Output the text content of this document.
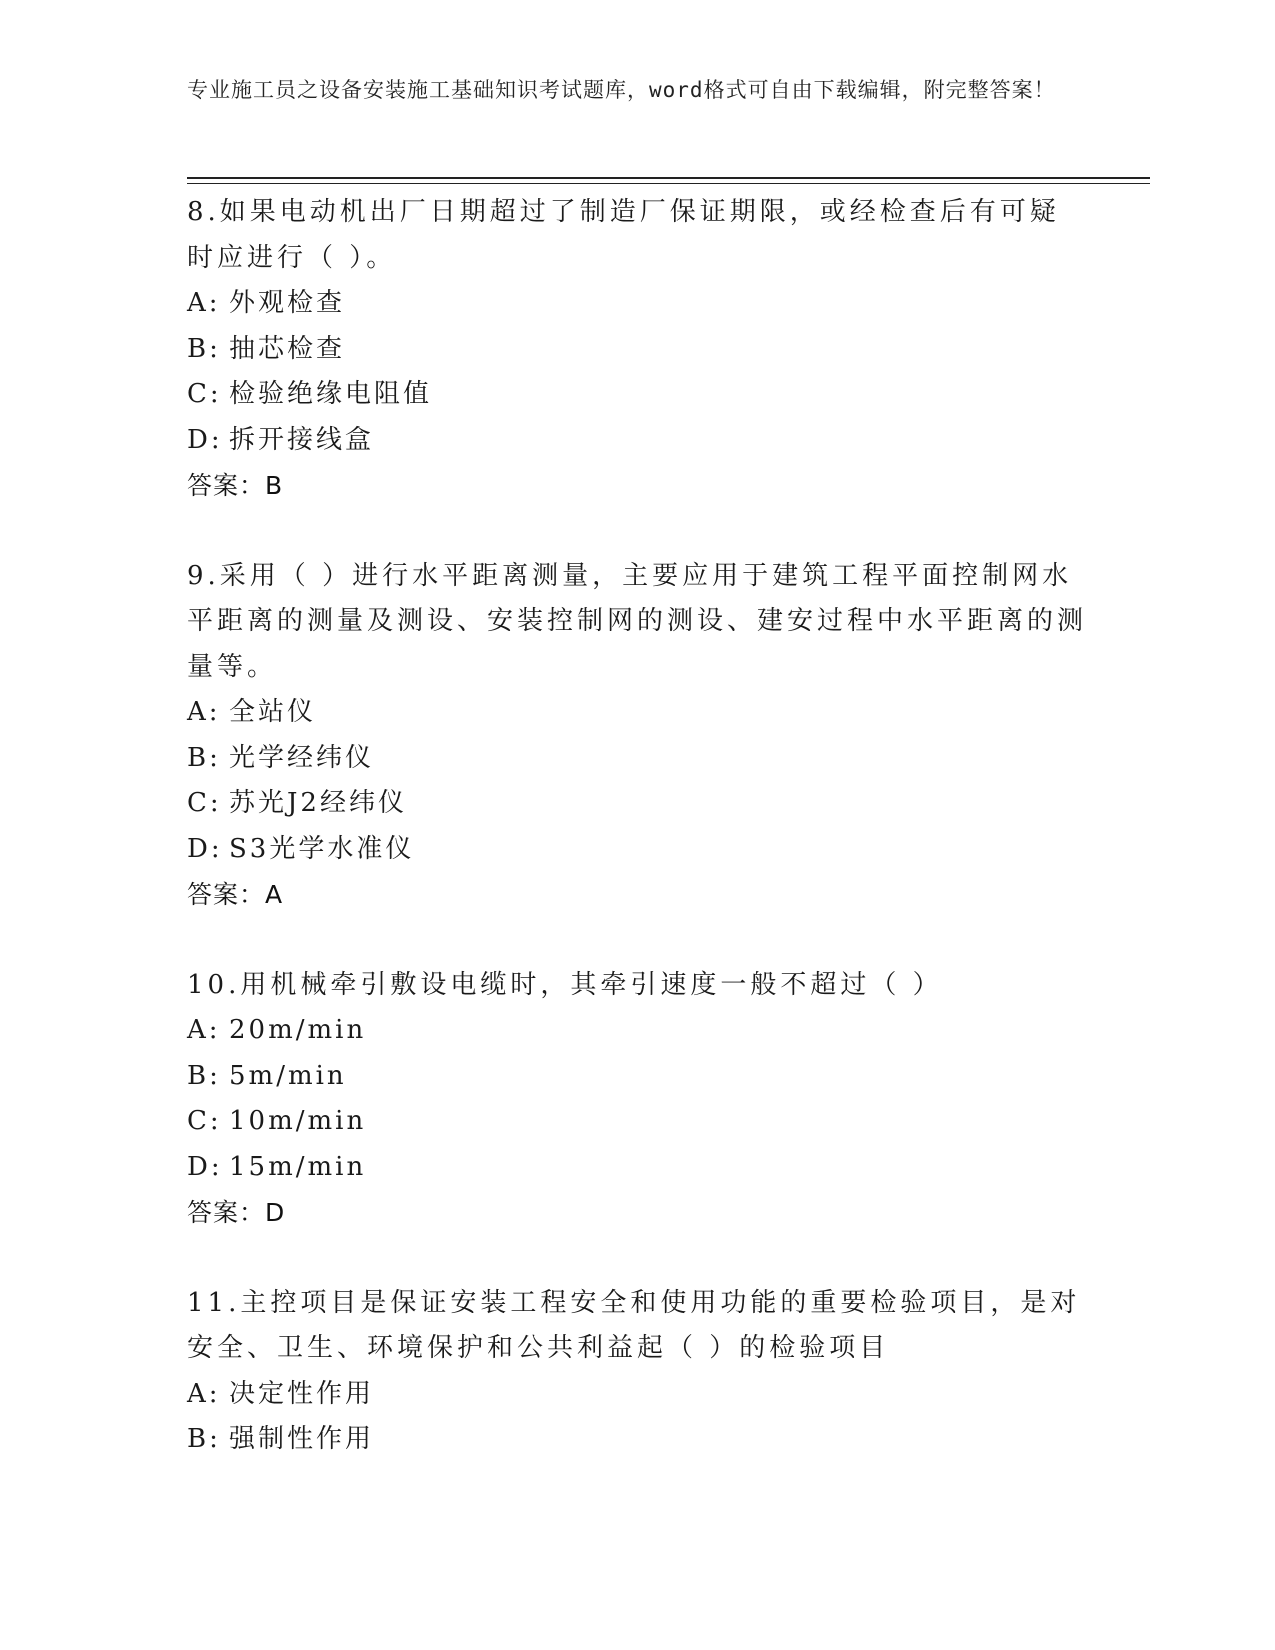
专业施工员之设备安装施工基础知识考试题库，word格式可自由下载编辑，附完整答案！
8.如果电动机出厂日期超过了制造厂保证期限，或经检查后有可疑时应进行（ ）。
A: 外观检查
B: 抽芯检查
C: 检验绝缘电阻值
D: 拆开接线盒
答案：B
9.采用（ ）进行水平距离测量，主要应用于建筑工程平面控制网水平距离的测量及测设、安装控制网的测设、建安过程中水平距离的测量等。
A: 全站仪
B: 光学经纬仪
C: 苏光J2经纬仪
D: S3光学水准仪
答案：A
10.用机械牵引敷设电缆时，其牵引速度一般不超过（ ）
A: 20m/min
B: 5m/min
C: 10m/min
D: 15m/min
答案：D
11.主控项目是保证安装工程安全和使用功能的重要检验项目，是对安全、卫生、环境保护和公共利益起（ ）的检验项目
A: 决定性作用
B: 强制性作用
